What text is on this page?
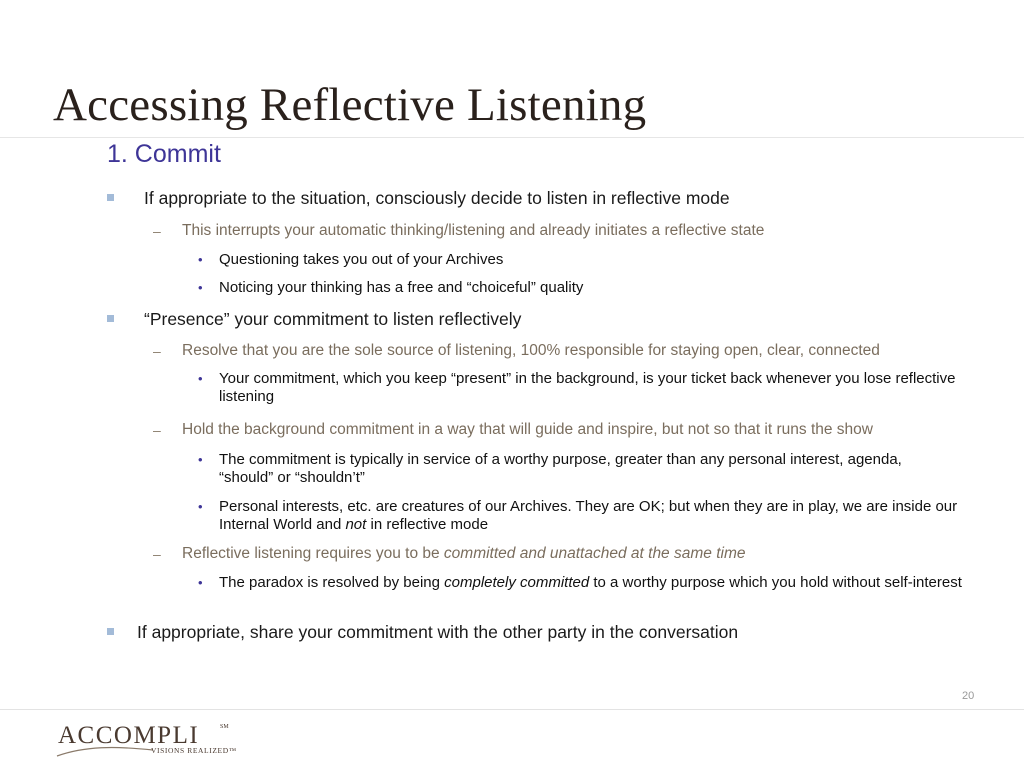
Accessing Reflective Listening
1. Commit

If appropriate to the situation, consciously decide to listen in reflective mode

– This interrupts your automatic thinking/listening and already initiates a reflective state

• Questioning takes you out of your Archives

• Noticing your thinking has a free and “choiceful” quality

“Presence” your commitment to listen reflectively

– Resolve that you are the sole source of listening, 100% responsible for staying open, clear, connected

• Your commitment, which you keep “present” in the background, is your ticket back whenever you lose reflective listening

– Hold the background commitment in a way that will guide and inspire, but not so that it runs the show

• The commitment is typically in service of a worthy purpose, greater than any personal interest, agenda, “should” or “shouldn’t”

• Personal interests, etc. are creatures of our Archives. They are OK; but when they are in play, we are inside our Internal World and not in reflective mode

– Reflective listening requires you to be committed and unattached at the same time

• The paradox is resolved by being completely committed to a worthy purpose which you hold without self-interest

If appropriate, share your commitment with the other party in the conversation

20
ACCOMPLI	SM
VISIONS REALIZED™
